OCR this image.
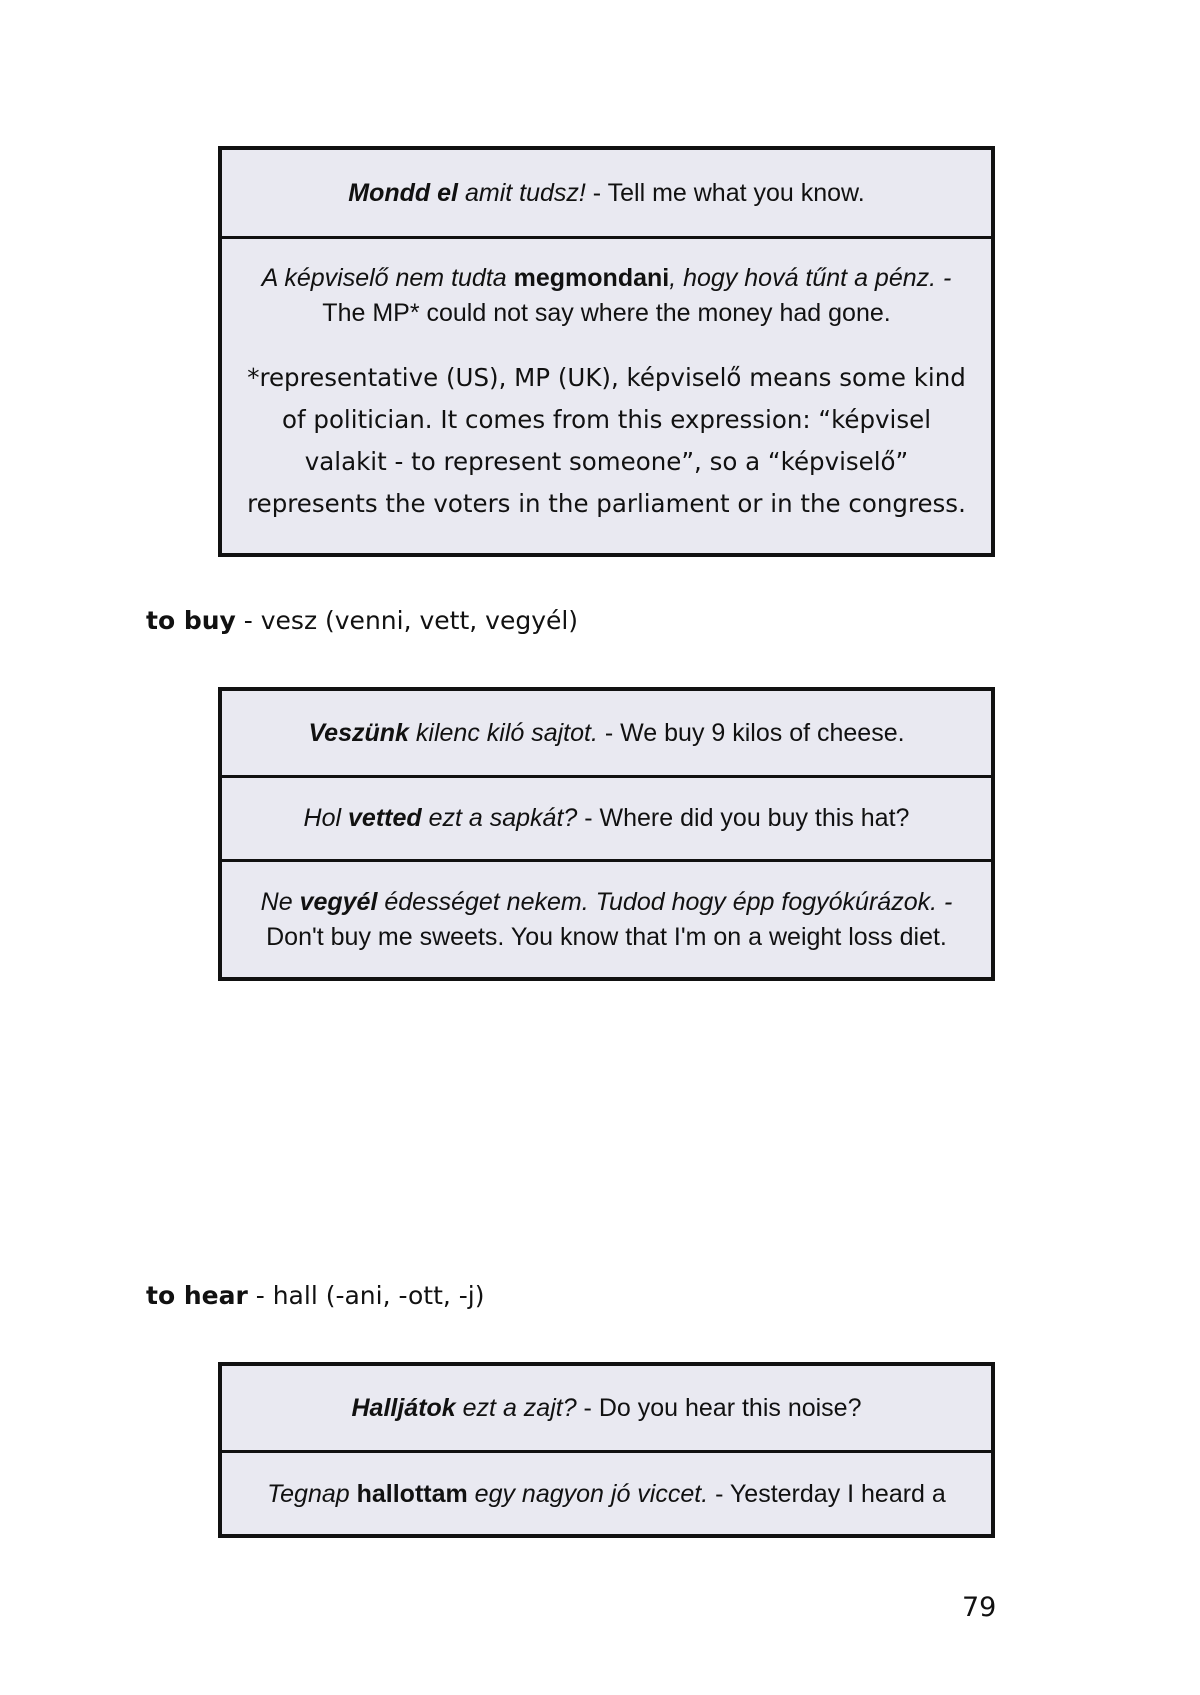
Mondd el amit tudsz! - Tell me what you know.
A képviselő nem tudta megmondani, hogy hová tűnt a pénz. -
The MP* could not say where the money had gone.
*representative (US), MP (UK), képviselő means some kind of politician. It comes from this expression: “képvisel valakit - to represent someone”, so a “képviselő” represents the voters in the parliament or in the congress.
to buy - vesz (venni, vett, vegyél)
Veszünk kilenc kiló sajtot. - We buy 9 kilos of cheese.
Hol vetted ezt a sapkát? - Where did you buy this hat?
Ne vegyél édességet nekem. Tudod hogy épp fogyókúrázok. -
Don't buy me sweets. You know that I'm on a weight loss diet.
to hear - hall (-ani, -ott, -j)
Halljátok ezt a zajt? - Do you hear this noise?
Tegnap hallottam egy nagyon jó viccet. - Yesterday I heard a
79
